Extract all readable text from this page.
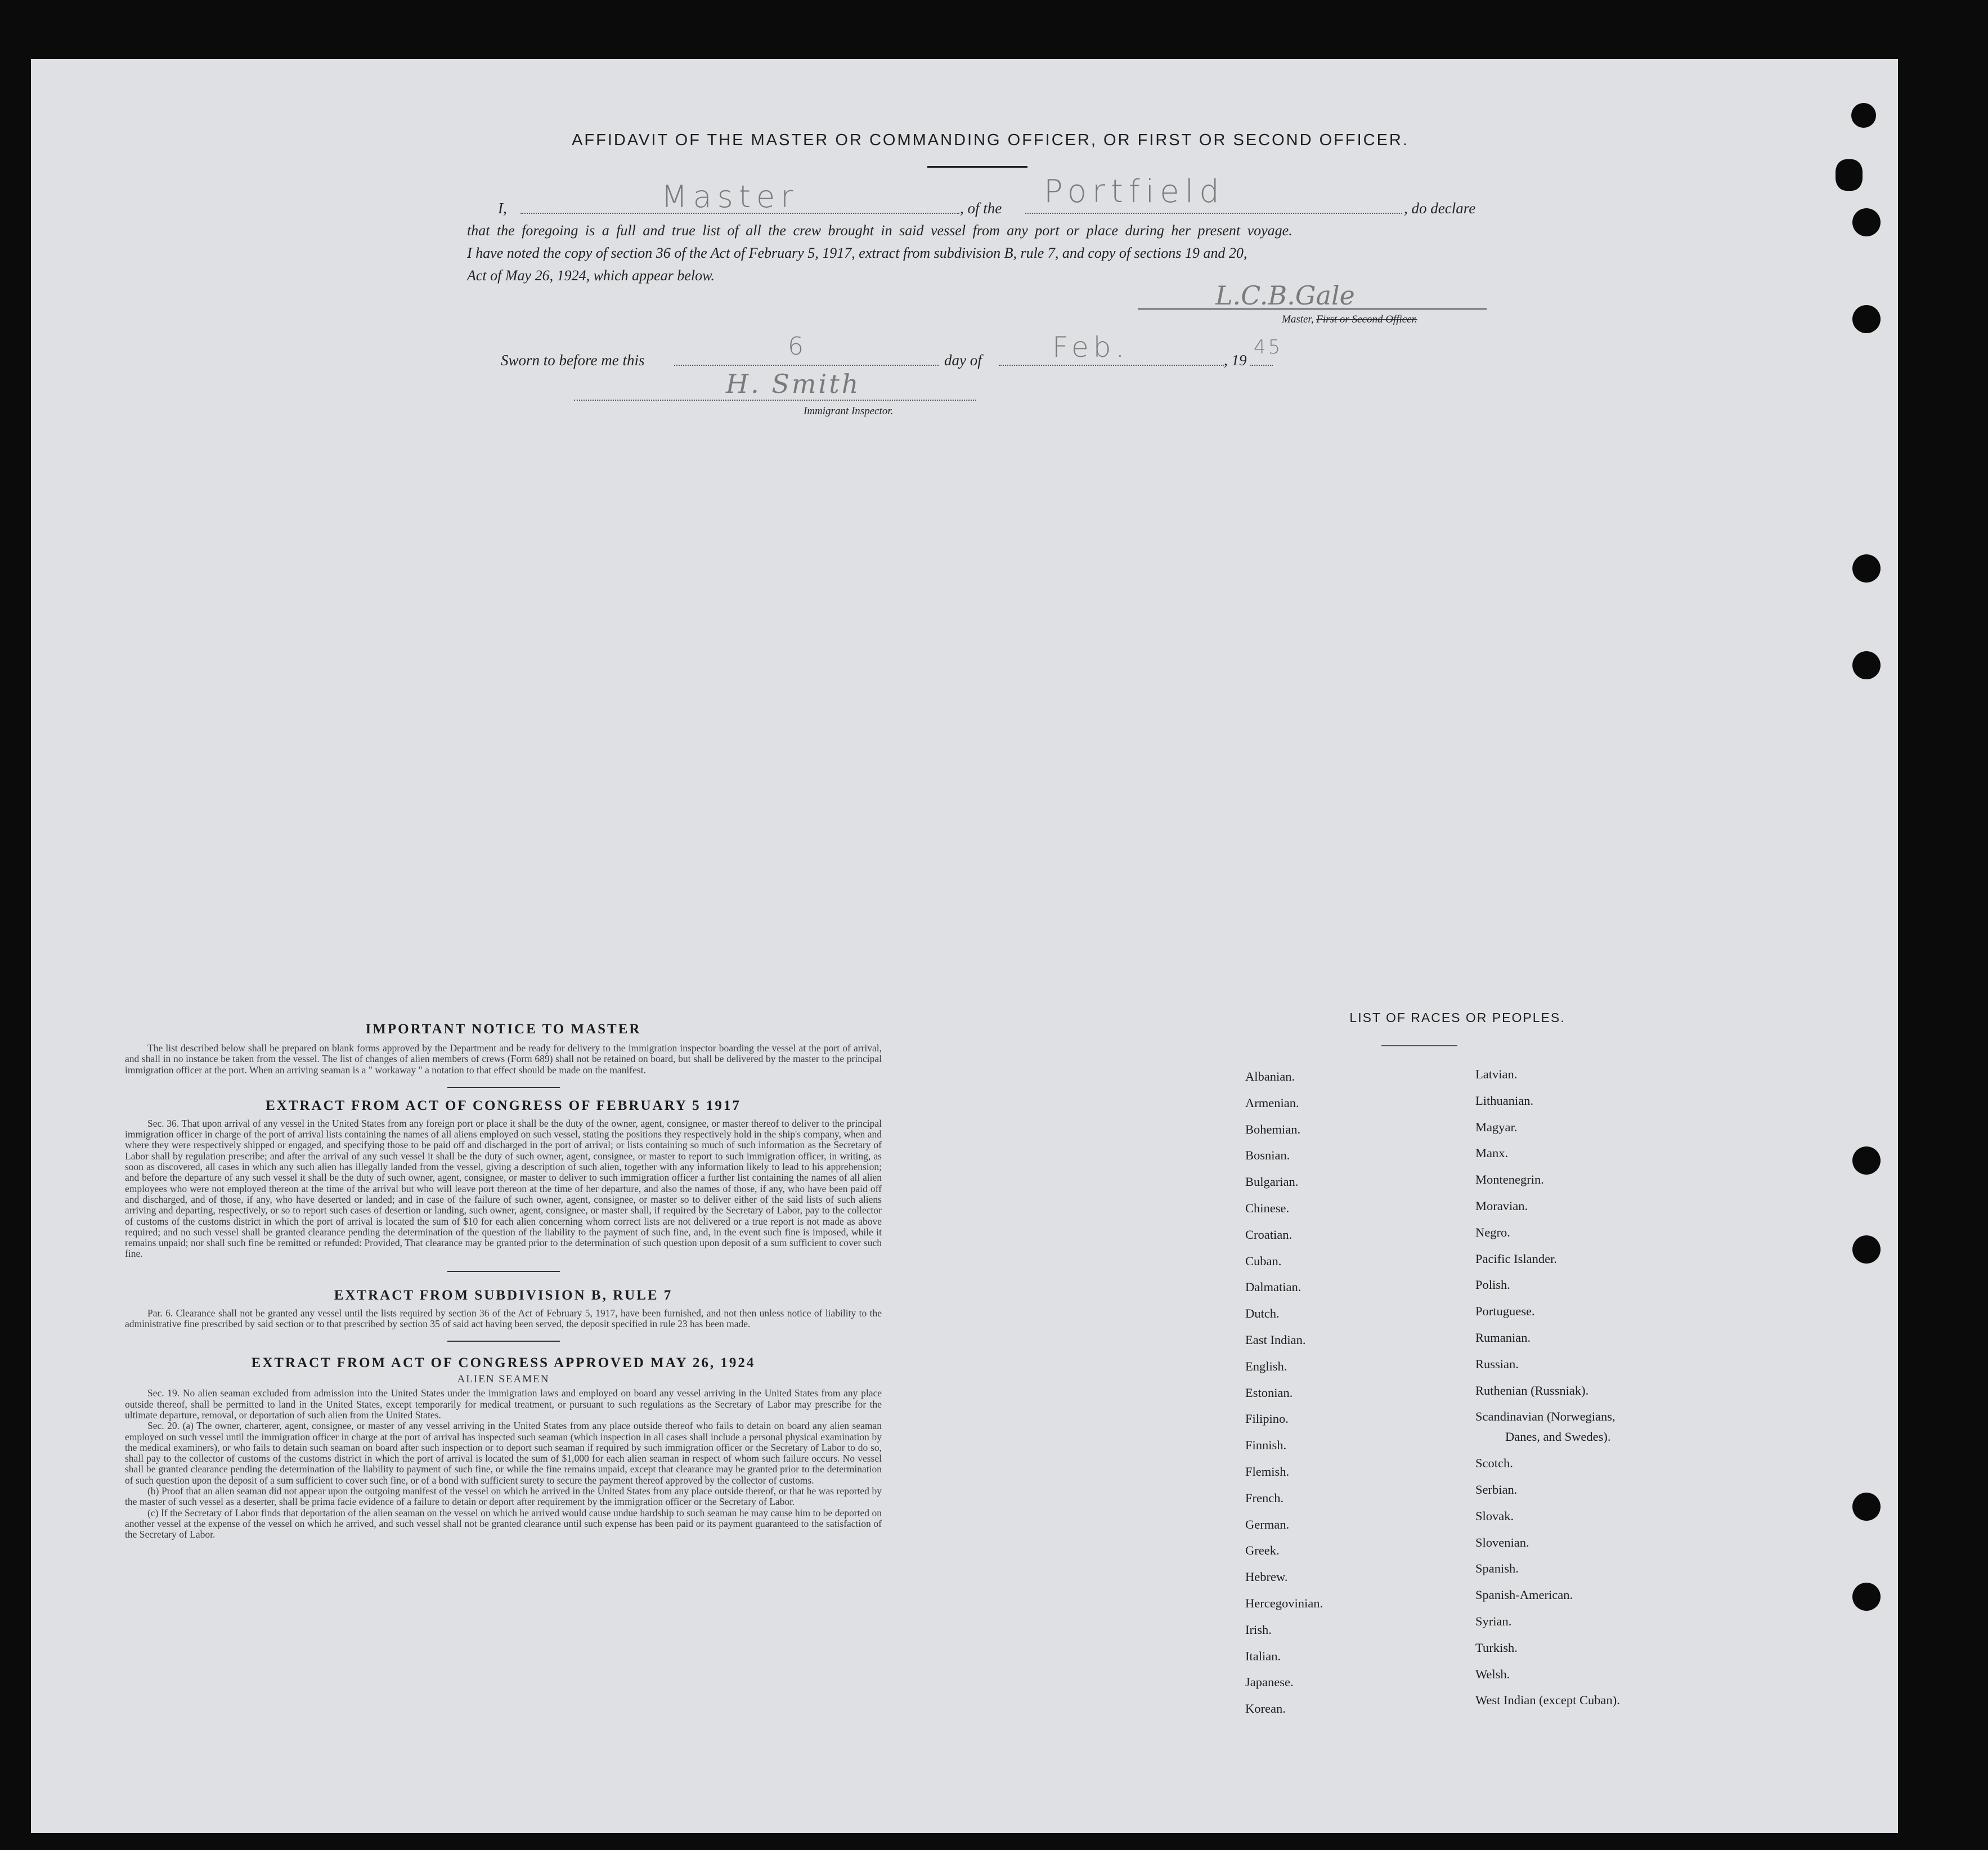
AFFIDAVIT OF THE MASTER OR COMMANDING OFFICER, OR FIRST OR SECOND OFFICER.
I,	Master	, of the Portfield	, do declare
that the foregoing is a full and true list of all the crew brought in said vessel from any port or place during her present voyage.
I have noted the copy of section 36 of the Act of February 5, 1917, extract from subdivision B, rule 7, and copy of sections 19 and 20,
Act of May 26, 1924, which appear below.
L.C.B.Gale
Master, First or Second Officer.
Sworn to before me this	6	day of	Feb.	, 19
45
H. Smith
Immigrant Inspector.
IMPORTANT NOTICE TO MASTER

The list described below shall be prepared on blank forms approved by the Department and be ready for delivery to the immigration inspector boarding the vessel at the port of arrival, and shall in no instance be taken from the vessel. The list of changes of alien members of crews (Form 689) shall not be retained on board, but shall be delivered by the master to the principal immigration officer at the port. When an arriving seaman is a " workaway " a notation to that effect should be made on the manifest.

EXTRACT FROM ACT OF CONGRESS OF FEBRUARY 5 1917

Sec. 36. That upon arrival of any vessel in the United States from any foreign port or place it shall be the duty of the owner, agent, consignee, or master thereof to deliver to the principal immigration officer in charge of the port of arrival lists containing the names of all aliens employed on such vessel, stating the positions they respectively hold in the ship's company, when and where they were respectively shipped or engaged, and specifying those to be paid off and discharged in the port of arrival; or lists containing so much of such information as the Secretary of Labor shall by regulation prescribe; and after the arrival of any such vessel it shall be the duty of such owner, agent, consignee, or master to report to such immigration officer, in writing, as soon as discovered, all cases in which any such alien has illegally landed from the vessel, giving a description of such alien, together with any information likely to lead to his apprehension; and before the departure of any such vessel it shall be the duty of such owner, agent, consignee, or master to deliver to such immigration officer a further list containing the names of all alien employees who were not employed thereon at the time of the arrival but who will leave port thereon at the time of her departure, and also the names of those, if any, who have been paid off and discharged, and of those, if any, who have deserted or landed; and in case of the failure of such owner, agent, consignee, or master so to deliver either of the said lists of such aliens arriving and departing, respectively, or so to report such cases of desertion or landing, such owner, agent, consignee, or master shall, if required by the Secretary of Labor, pay to the collector of customs of the customs district in which the port of arrival is located the sum of $10 for each alien concerning whom correct lists are not delivered or a true report is not made as above required; and no such vessel shall be granted clearance pending the determination of the question of the liability to the payment of such fine, and, in the event such fine is imposed, while it remains unpaid; nor shall such fine be remitted or refunded: Provided, That clearance may be granted prior to the determination of such question upon deposit of a sum sufficient to cover such fine.

EXTRACT FROM SUBDIVISION B, RULE 7

Par. 6. Clearance shall not be granted any vessel until the lists required by section 36 of the Act of February 5, 1917, have been furnished, and not then unless notice of liability to the administrative fine prescribed by said section or to that prescribed by section 35 of said act having been served, the deposit specified in rule 23 has been made.

EXTRACT FROM ACT OF CONGRESS APPROVED MAY 26, 1924
ALIEN SEAMEN

Sec. 19. No alien seaman excluded from admission into the United States under the immigration laws and employed on board any vessel arriving in the United States from any place outside thereof, shall be permitted to land in the United States, except temporarily for medical treatment, or pursuant to such regulations as the Secretary of Labor may prescribe for the ultimate departure, removal, or deportation of such alien from the United States.

Sec. 20. (a) The owner, charterer, agent, consignee, or master of any vessel arriving in the United States from any place outside thereof who fails to detain on board any alien seaman employed on such vessel until the immigration officer in charge at the port of arrival has inspected such seaman (which inspection in all cases shall include a personal physical examination by the medical examiners), or who fails to detain such seaman on board after such inspection or to deport such seaman if required by such immigration officer or the Secretary of Labor to do so, shall pay to the collector of customs of the customs district in which the port of arrival is located the sum of $1,000 for each alien seaman in respect of whom such failure occurs. No vessel shall be granted clearance pending the determination of the liability to payment of such fine, or while the fine remains unpaid, except that clearance may be granted prior to the determination of such question upon the deposit of a sum sufficient to cover such fine, or of a bond with sufficient surety to secure the payment thereof approved by the collector of customs.

(b) Proof that an alien seaman did not appear upon the outgoing manifest of the vessel on which he arrived in the United States from any place outside thereof, or that he was reported by the master of such vessel as a deserter, shall be prima facie evidence of a failure to detain or deport after requirement by the immigration officer or the Secretary of Labor.

(c) If the Secretary of Labor finds that deportation of the alien seaman on the vessel on which he arrived would cause undue hardship to such seaman he may cause him to be deported on another vessel at the expense of the vessel on which he arrived, and such vessel shall not be granted clearance until such expense has been paid or its payment guaranteed to the satisfaction of the Secretary of Labor.

LIST OF RACES OR PEOPLES.
Albanian.
Armenian.
Bohemian.
Bosnian.
Bulgarian.
Chinese.
Croatian.
Cuban.
Dalmatian.
Dutch.
East Indian.
English.
Estonian.
Filipino.
Finnish.
Flemish.
French.
German.
Greek.
Hebrew.
Hercegovinian.
Irish.
Italian.
Japanese.
Korean.
Latvian.
Lithuanian.
Magyar.
Manx.
Montenegrin.
Moravian.
Negro.
Pacific Islander.
Polish.
Portuguese.
Rumanian.
Russian.
Ruthenian (Russniak).
Scandinavian (Norwegians,
Danes, and Swedes).
Scotch.
Serbian.
Slovak.
Slovenian.
Spanish.
Spanish-American.
Syrian.
Turkish.
Welsh.
West Indian (except Cuban).
